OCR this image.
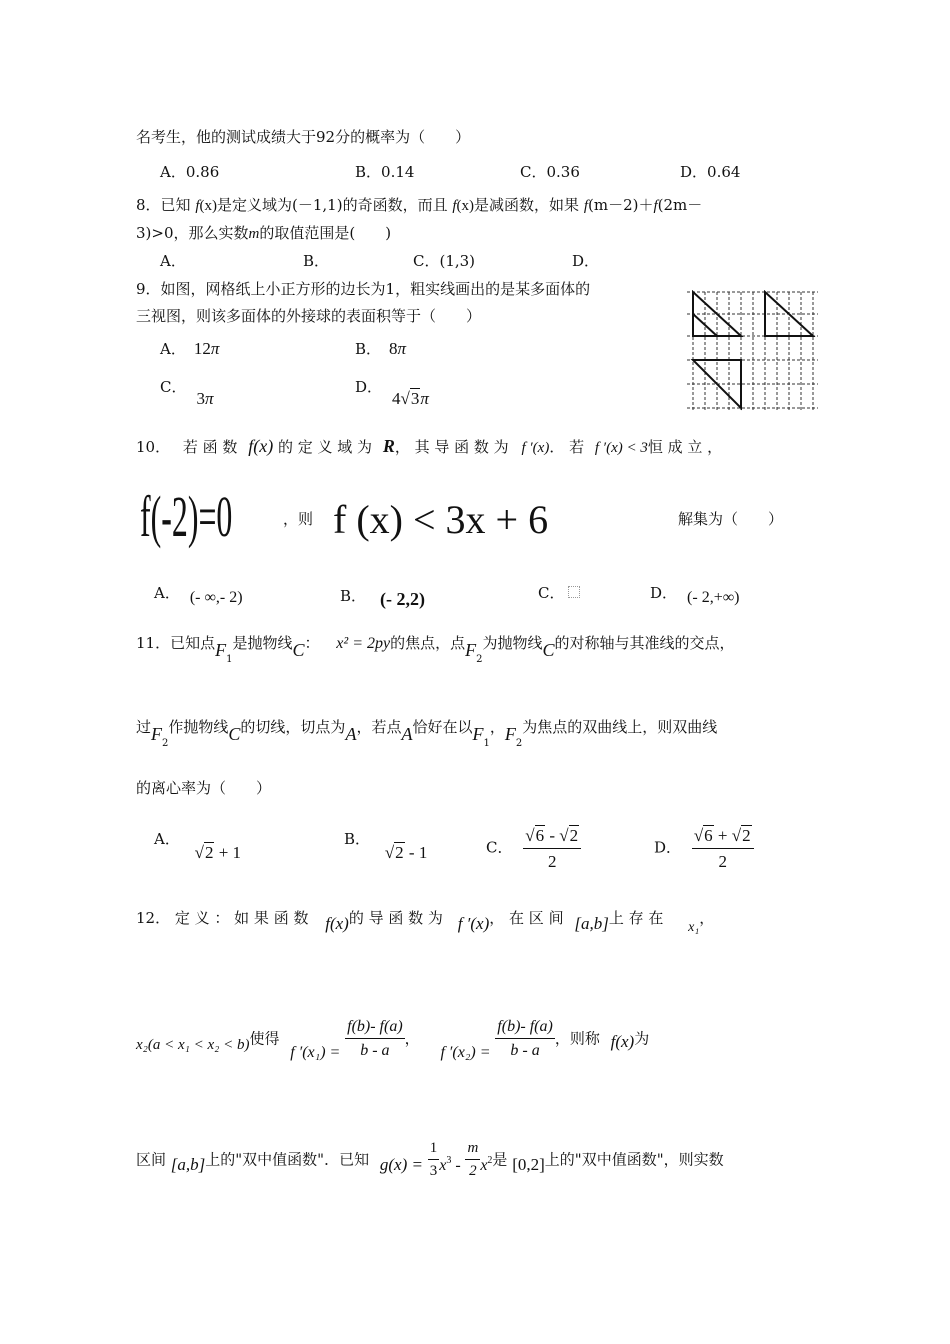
名考生，他的测试成绩大于92分的概率为（　　）
A．0.86	B．0.14	C．0.36	D．0.64
8．已知 f(x)是定义域为(－1,1)的奇函数，而且 f(x)是减函数，如果 f(m－2)＋f(2m－
3)>0，那么实数m的取值范围是(　　)
A．	B．	C．(1,3)	D．
9．如图，网格纸上小正方形的边长为1，粗实线画出的是某多面体的
三视图，则该多面体的外接球的表面积等于（　　）
A． 12π	B． 8π
C．3π
D．4√3π
10． 若 函 数 f(x) 的 定 义 域 为 R， 其 导 函 数 为 f ′(x)． 若 f ′(x) < 3恒 成 立 ，
f(-2)=0	，则 f (x) < 3x + 6	解集为（　　）
A． (- ∞,- 2)	B． (- 2,2)	C．	D． (- 2,+∞)
11．已知点$F_1$是抛物线C： x² = 2py的焦点，点$F_2$为抛物线C的对称轴与其准线的交点，
过$F_2$作抛物线C的切线，切点为A，若点A恰好在以$F_1$，$F_2$为焦点的双曲线上，则双曲线
的离心率为（　　）
A． √2 + 1
B． √2 - 1	C． $\frac{√6 - √2}{2}$	D． $\frac{√6 + √2}{2}$
12． 定 义 ： 如 果 函 数 f(x)的 导 函 数 为 f ′(x)， 在 区 间 [a,b]上 存 在 x₁，
x₂(a < x₁ < x₂ < b)使得 f $'(x_1) = \frac{f(b)- f(a)}{b - a}$ ， f $'(x_2) = \frac{f(b)- f(a)}{b - a}$ ，则称 f(x)为
区间 [a,b]上的"双中值函数"．已知 $g(x) = \frac{1}{3} x^3 - \frac{m}{2} x^2$是 [0,2]上的"双中值函数"，则实数
